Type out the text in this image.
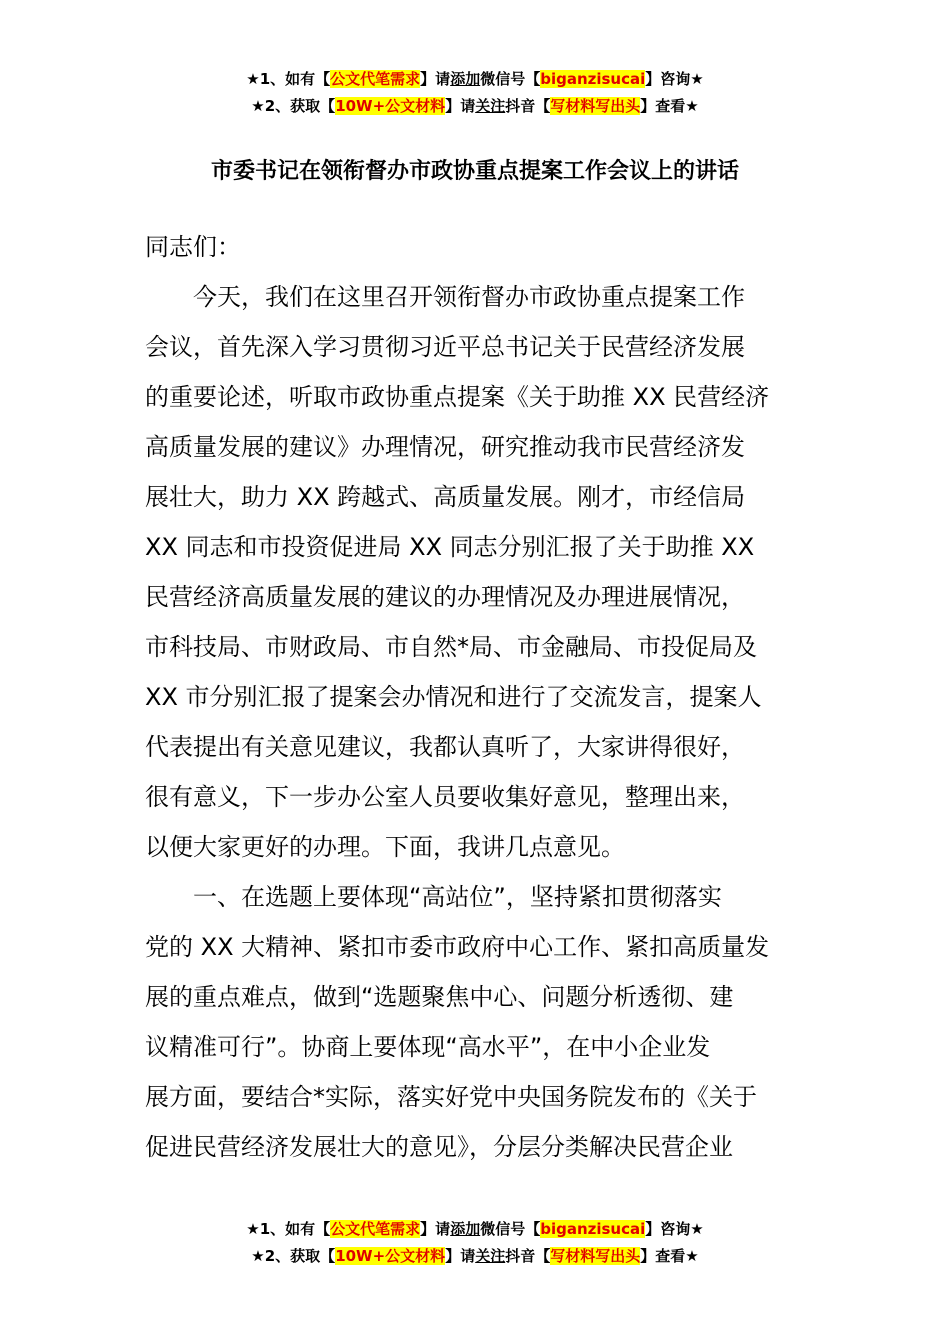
★1、如有【公文代笔需求】请添加微信号【biganzisucai】咨询★
★2、获取【10W+公文材料】请关注抖音【写材料写出头】查看★
市委书记在领衔督办市政协重点提案工作会议上的讲话
同志们：
今天，我们在这里召开领衔督办市政协重点提案工作
会议，首先深入学习贯彻习近平总书记关于民营经济发展
的重要论述，听取市政协重点提案《关于助推 XX 民营经济
高质量发展的建议》办理情况，研究推动我市民营经济发
展壮大，助力 XX 跨越式、高质量发展。刚才，市经信局
XX 同志和市投资促进局 XX 同志分别汇报了关于助推 XX
民营经济高质量发展的建议的办理情况及办理进展情况，
市科技局、市财政局、市自然*局、市金融局、市投促局及
XX 市分别汇报了提案会办情况和进行了交流发言，提案人
代表提出有关意见建议，我都认真听了，大家讲得很好，
很有意义，下一步办公室人员要收集好意见，整理出来，
以便大家更好的办理。下面，我讲几点意见。
一、在选题上要体现“高站位”，坚持紧扣贯彻落实
党的 XX 大精神、紧扣市委市政府中心工作、紧扣高质量发
展的重点难点，做到“选题聚焦中心、问题分析透彻、建
议精准可行”。协商上要体现“高水平”，在中小企业发
展方面，要结合*实际，落实好党中央国务院发布的《关于
促进民营经济发展壮大的意见》，分层分类解决民营企业
★1、如有【公文代笔需求】请添加微信号【biganzisucai】咨询★
★2、获取【10W+公文材料】请关注抖音【写材料写出头】查看★
